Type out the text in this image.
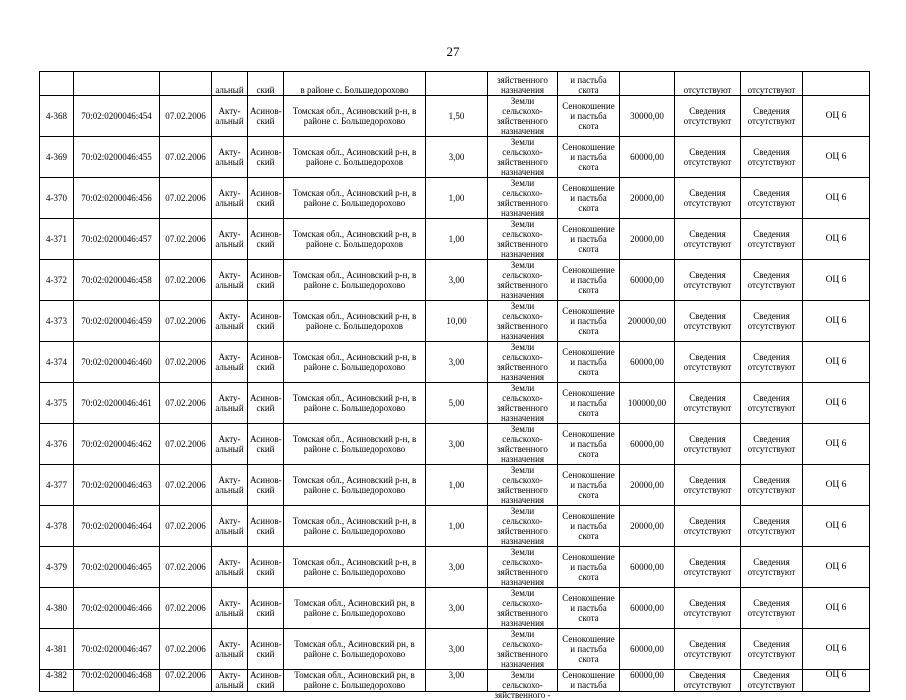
27
			альный	ский	в районе с. Большедорохово		зяйственного назначения	и пастьба скота		отсутствуют	отсутствуют	
4-368	70:02:0200046:454	07.02.2006	Акту-альный	Асинов-ский	Томская обл., Асиновский р-н, в районе с. Большедорохово	1,50	Земли сельскохо-зяйственного назначения	Сенокошение и пастьба скота	30000,00	Сведения отсутствуют	Сведения отсутствуют	ОЦ 6
4-369	70:02:0200046:455	07.02.2006	Акту-альный	Асинов-ский	Томская обл., Асиновский р-н, в районе с. Большедорохов	3,00	Земли сельскохо-зяйственного назначения	Сенокошение и пастьба скота	60000,00	Сведения отсутствуют	Сведения отсутствуют	ОЦ 6
4-370	70:02:0200046:456	07.02.2006	Акту-альный	Асинов-ский	Томская обл., Асиновский р-н, в районе с. Большедорохово	1,00	Земли сельскохо-зяйственного назначения	Сенокошение и пастьба скота	20000,00	Сведения отсутствуют	Сведения отсутствуют	ОЦ 6
4-371	70:02:0200046:457	07.02.2006	Акту-альный	Асинов-ский	Томская обл., Асиновский р-н, в районе с. Большедорохов	1,00	Земли сельскохо-зяйственного назначения	Сенокошение и пастьба скота	20000,00	Сведения отсутствуют	Сведения отсутствуют	ОЦ 6
4-372	70:02:0200046:458	07.02.2006	Акту-альный	Асинов-ский	Томская обл., Асиновский р-н, в районе с. Большедорохово	3,00	Земли сельскохо-зяйственного назначения	Сенокошение и пастьба скота	60000,00	Сведения отсутствуют	Сведения отсутствуют	ОЦ 6
4-373	70:02:0200046:459	07.02.2006	Акту-альный	Асинов-ский	Томская обл., Асиновский р-н, в районе с. Большедорохов	10,00	Земли сельскохо-зяйственного назначения	Сенокошение и пастьба скота	200000,00	Сведения отсутствуют	Сведения отсутствуют	ОЦ 6
4-374	70:02:0200046:460	07.02.2006	Акту-альный	Асинов-ский	Томская обл., Асиновский р-н, в районе с. Большедорохово	3,00	Земли сельскохо-зяйственного назначения	Сенокошение и пастьба скота	60000,00	Сведения отсутствуют	Сведения отсутствуют	ОЦ 6
4-375	70:02:0200046:461	07.02.2006	Акту-альный	Асинов-ский	Томская обл., Асиновский р-н, в районе с. Большедорохово	5,00	Земли сельскохо-зяйственного назначения	Сенокошение и пастьба скота	100000,00	Сведения отсутствуют	Сведения отсутствуют	ОЦ 6
4-376	70:02:0200046:462	07.02.2006	Акту-альный	Асинов-ский	Томская обл., Асиновский р-н, в районе с. Большедорохово	3,00	Земли сельскохо-зяйственного назначения	Сенокошение и пастьба скота	60000,00	Сведения отсутствуют	Сведения отсутствуют	ОЦ 6
4-377	70:02:0200046:463	07.02.2006	Акту-альный	Асинов-ский	Томская обл., Асиновский р-н, в районе с. Большедорохово	1,00	Земли сельскохо-зяйственного назначения	Сенокошение и пастьба скота	20000,00	Сведения отсутствуют	Сведения отсутствуют	ОЦ 6
4-378	70:02:0200046:464	07.02.2006	Акту-альный	Асинов-ский	Томская обл., Асиновский р-н, в районе с. Большедорохово	1,00	Земли сельскохо-зяйственного назначения	Сенокошение и пастьба скота	20000,00	Сведения отсутствуют	Сведения отсутствуют	ОЦ 6
4-379	70:02:0200046:465	07.02.2006	Акту-альный	Асинов-ский	Томская обл., Асиновский р-н, в районе с. Большедорохово	3,00	Земли сельскохо-зяйственного назначения	Сенокошение и пастьба скота	60000,00	Сведения отсутствуют	Сведения отсутствуют	ОЦ 6
4-380	70:02:0200046:466	07.02.2006	Акту-альный	Асинов-ский	Томская обл., Асиновский рн, в районе с. Большедорохово	3,00	Земли сельскохо-зяйственного назначения	Сенокошение и пастьба скота	60000,00	Сведения отсутствуют	Сведения отсутствуют	ОЦ 6
4-381	70:02:0200046:467	07.02.2006	Акту-альный	Асинов-ский	Томская обл., Асиновский рн, в районе с. Большедорохово	3,00	Земли сельскохо-зяйственного назначения	Сенокошение и пастьба скота	60000,00	Сведения отсутствуют	Сведения отсутствуют	ОЦ 6

4-382	70:02:0200046:468	07.02.2006	Акту-альный	Асинов-ский	Томская обл., Асиновский рн, в районе с. Большедорохово	3,00	Земли сельскохо-зяйственного -	Сенокошение и пастьба	60000,00	Сведения отсутствуют	Сведения отсутствуют	ОЦ 6
